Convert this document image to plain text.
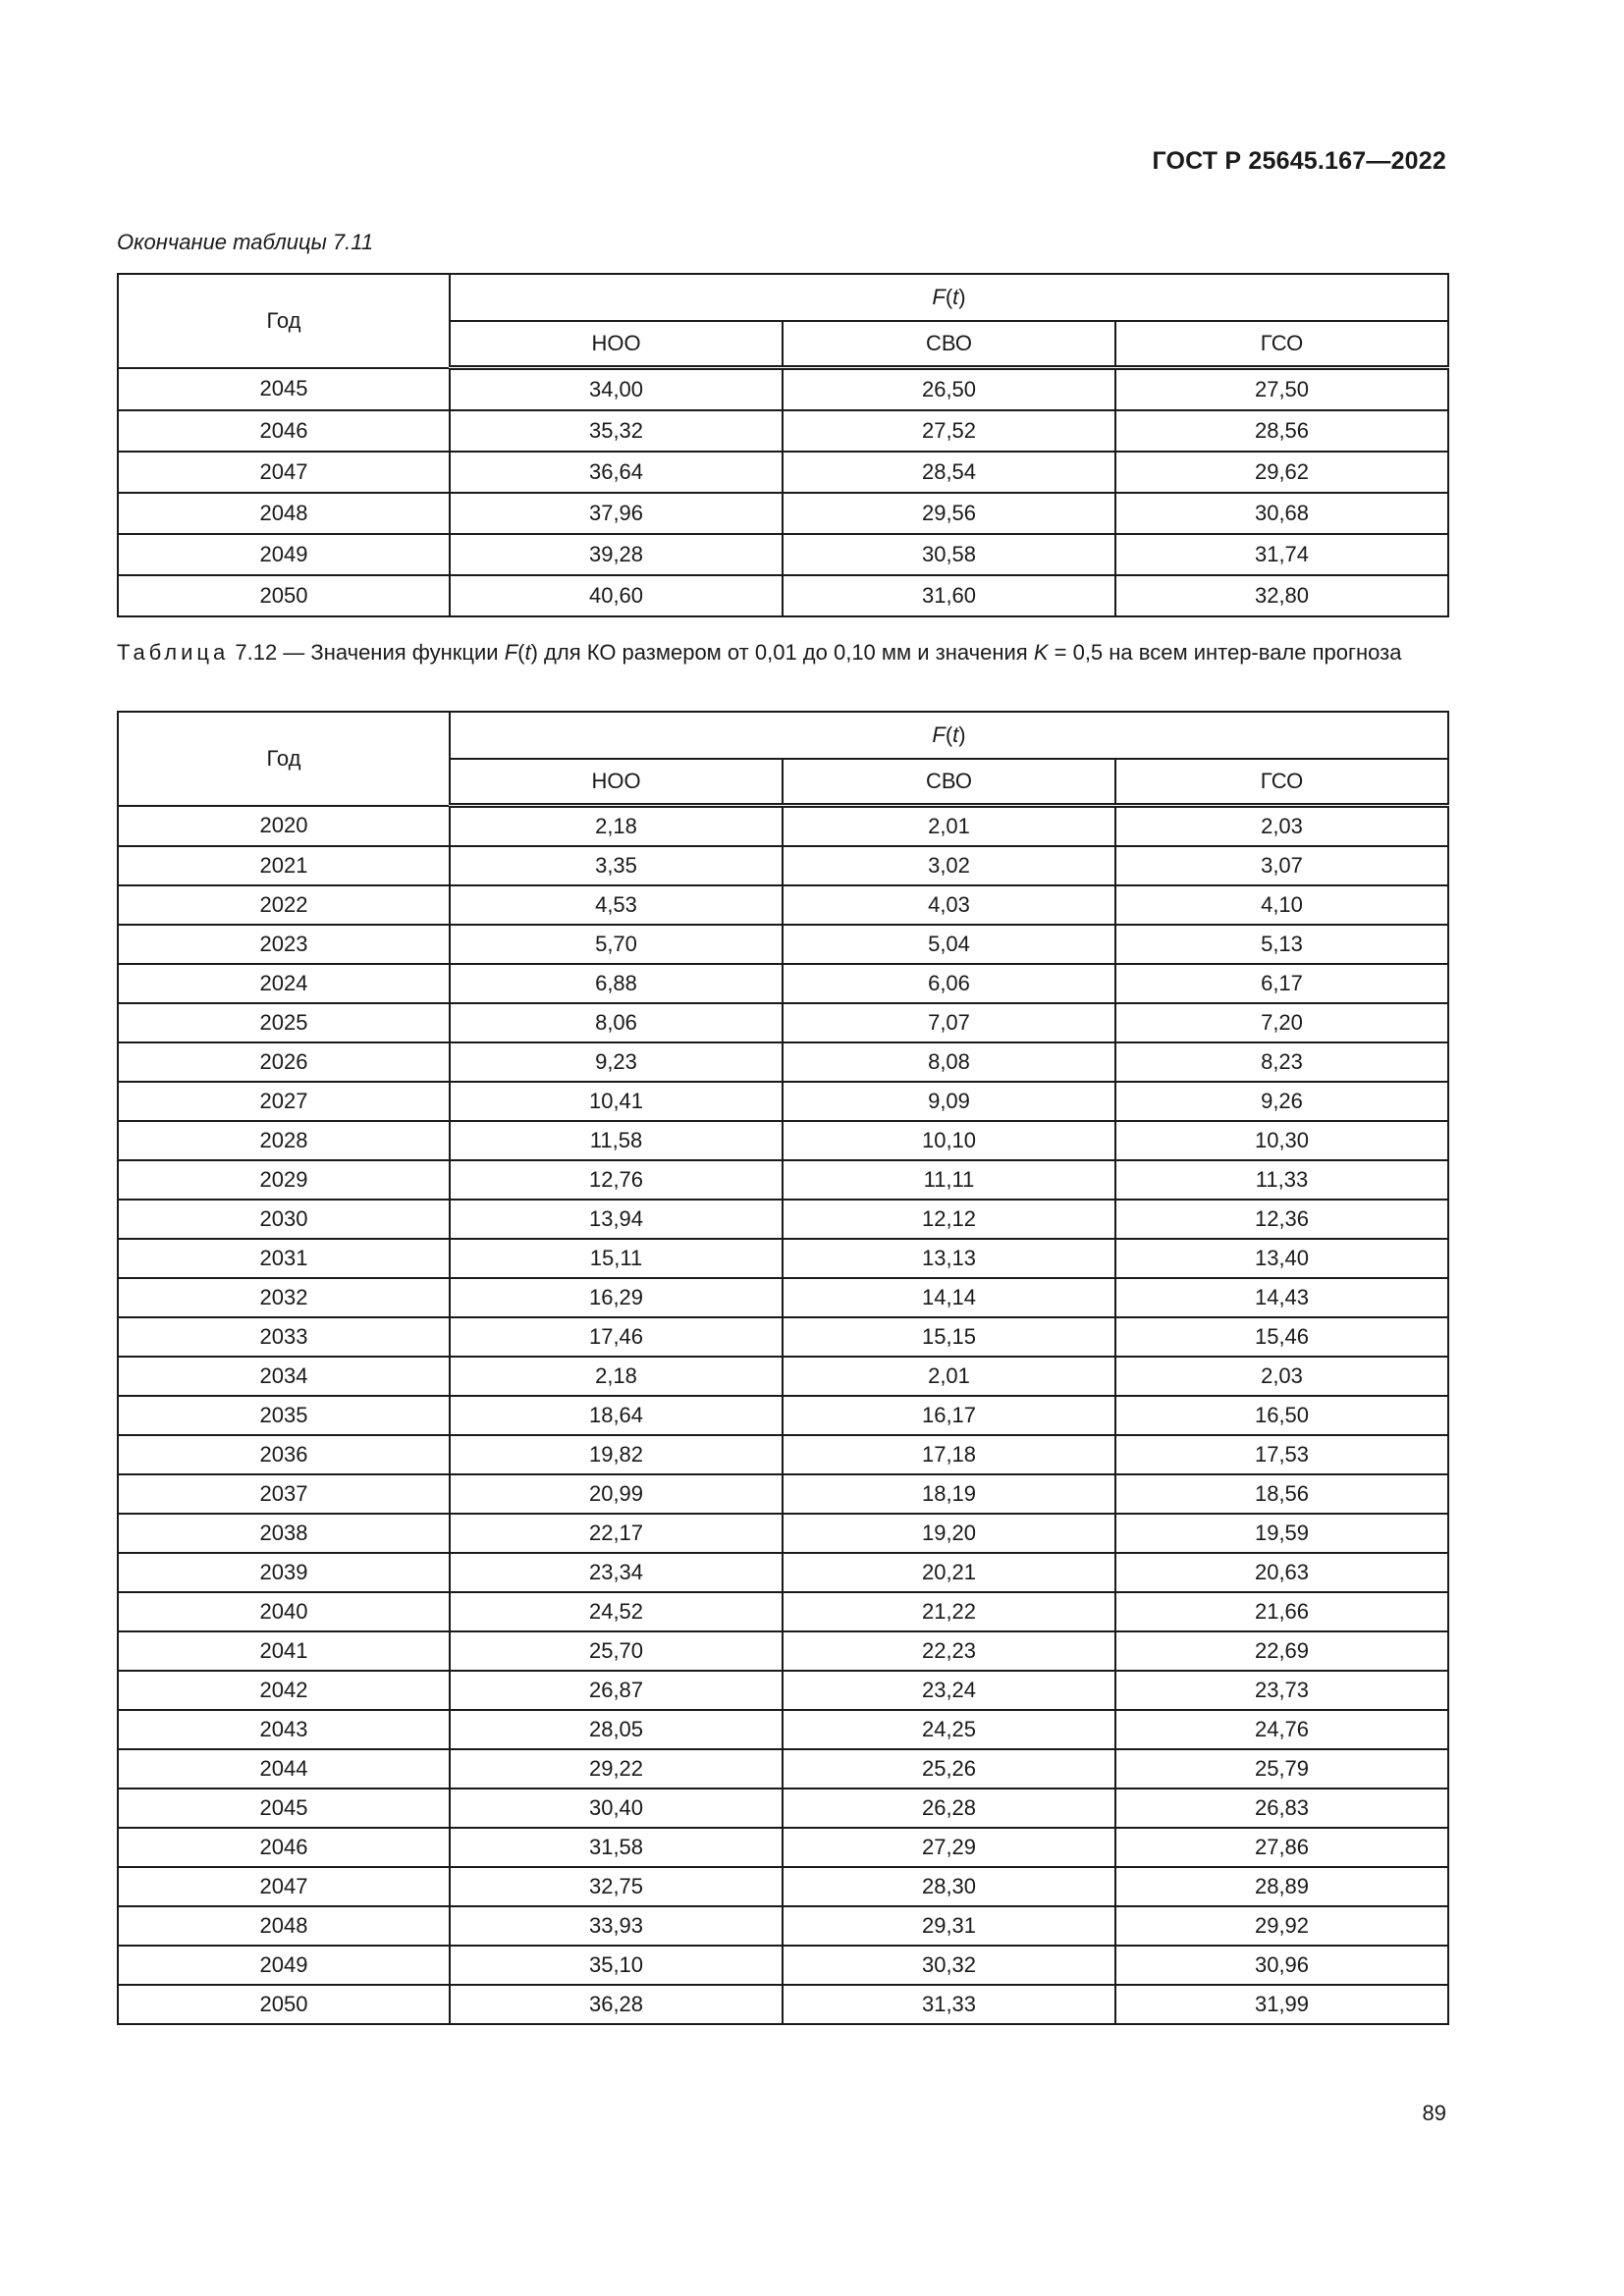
ГОСТ Р 25645.167—2022
Окончание таблицы 7.11
Год	F(t)		
	НОО	СВО	ГСО
2045	34,00	26,50	27,50
2046	35,32	27,52	28,56
2047	36,64	28,54	29,62
2048	37,96	29,56	30,68
2049	39,28	30,58	31,74
2050	40,60	31,60	32,80
Таблица 7.12 — Значения функции F(t) для КО размером от 0,01 до 0,10 мм и значения K = 0,5 на всем интер-вале прогноза
Год	F(t)		
	НОО	СВО	ГСО
2020	2,18	2,01	2,03
2021	3,35	3,02	3,07
2022	4,53	4,03	4,10
2023	5,70	5,04	5,13
2024	6,88	6,06	6,17
2025	8,06	7,07	7,20
2026	9,23	8,08	8,23
2027	10,41	9,09	9,26
2028	11,58	10,10	10,30
2029	12,76	11,11	11,33
2030	13,94	12,12	12,36
2031	15,11	13,13	13,40
2032	16,29	14,14	14,43
2033	17,46	15,15	15,46
2034	2,18	2,01	2,03
2035	18,64	16,17	16,50
2036	19,82	17,18	17,53
2037	20,99	18,19	18,56
2038	22,17	19,20	19,59
2039	23,34	20,21	20,63
2040	24,52	21,22	21,66
2041	25,70	22,23	22,69
2042	26,87	23,24	23,73
2043	28,05	24,25	24,76
2044	29,22	25,26	25,79
2045	30,40	26,28	26,83
2046	31,58	27,29	27,86
2047	32,75	28,30	28,89
2048	33,93	29,31	29,92
2049	35,10	30,32	30,96
2050	36,28	31,33	31,99
89
